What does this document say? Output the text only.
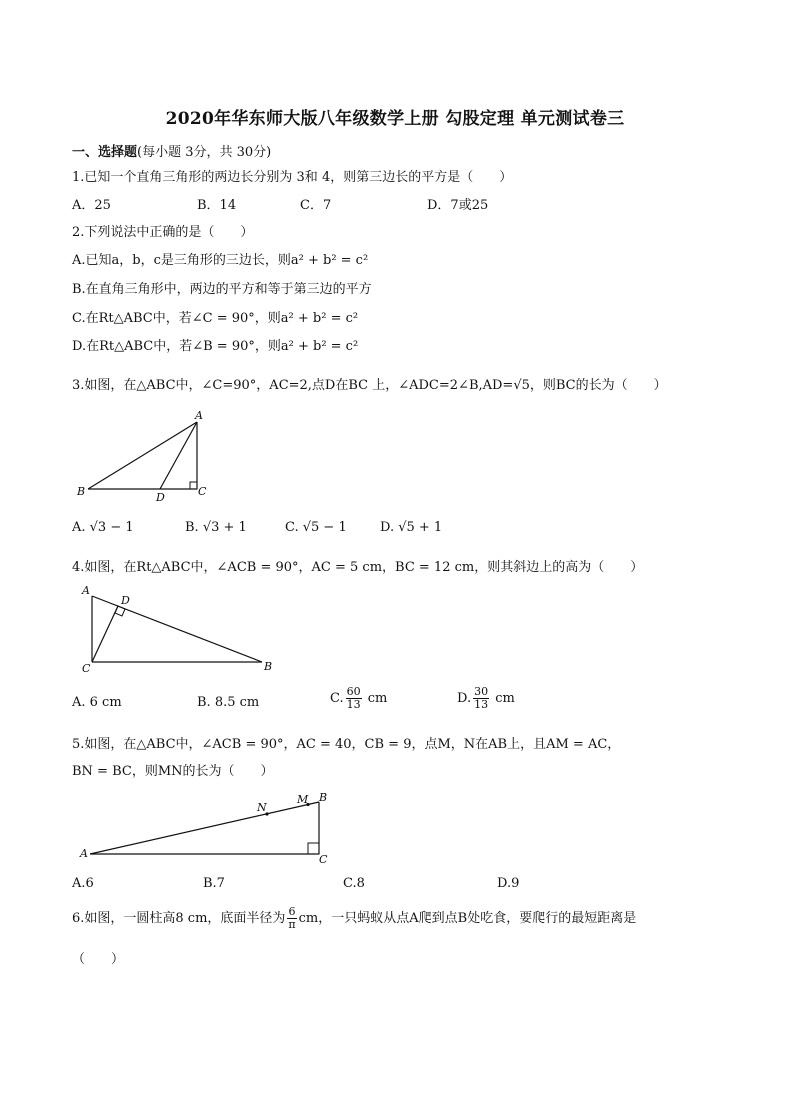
2020年华东师大版八年级数学上册 勾股定理 单元测试卷三
一、选择题(每小题 3分，共 30分)
1.已知一个直角三角形的两边长分别为 3和 4，则第三边长的平方是（　　）
A．25	B．14	C．7	D．7或25
2.下列说法中正确的是（　　）
A.已知a，b，c是三角形的三边长，则a² + b² = c²
B.在直角三角形中，两边的平方和等于第三边的平方
C.在Rt△ABC中，若∠C = 90°，则a² + b² = c²
D.在Rt△ABC中，若∠B = 90°，则a² + b² = c²
3.如图，在△ABC中，∠C=90°，AC=2,点D在BC 上，∠ADC=2∠B,AD=√5，则BC的长为（　　）
A
B	D	C
A. √3 − 1	B. √3 + 1	C. √5 − 1	D. √5 + 1
4.如图，在Rt△ABC中，∠ACB = 90°，AC = 5 cm，BC = 12 cm，则其斜边上的高为（　　）
A
D
C	B
A. 6 cm	B. 8.5 cm	C. $\frac{60}{13}$ cm	D. $\frac{30}{13}$ cm
5.如图，在△ABC中，∠ACB = 90°，AC = 40，CB = 9，点M，N在AB上，且AM = AC，
BN = BC，则MN的长为（　　）
N
M B
A	C
A.6	B.7	C.8	D.9
6.如图，一圆柱高8 cm，底面半径为 $\frac{6}{\pi}$ cm，一只蚂蚁从点A爬到点B处吃食，要爬行的最短距离是
（　　）
